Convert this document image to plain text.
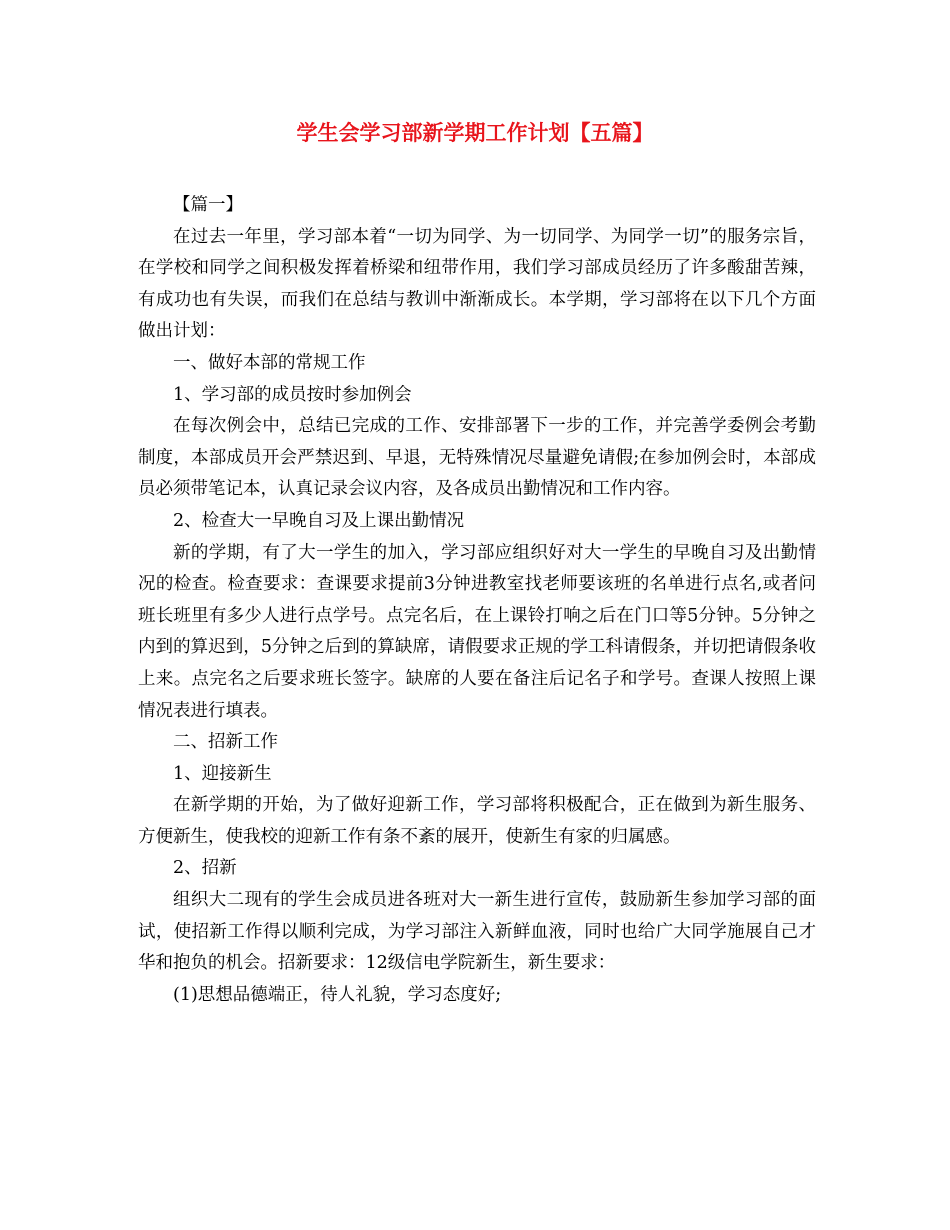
学生会学习部新学期工作计划【五篇】

【篇一】

在过去一年里，学习部本着“一切为同学、为一切同学、为同学一切”的服务宗旨，在学校和同学之间积极发挥着桥梁和纽带作用，我们学习部成员经历了许多酸甜苦辣，有成功也有失误，而我们在总结与教训中渐渐成长。本学期，学习部将在以下几个方面做出计划：

一、做好本部的常规工作

1、学习部的成员按时参加例会

在每次例会中，总结已完成的工作、安排部署下一步的工作，并完善学委例会考勤制度，本部成员开会严禁迟到、早退，无特殊情况尽量避免请假;在参加例会时，本部成员必须带笔记本，认真记录会议内容，及各成员出勤情况和工作内容。

2、检查大一早晚自习及上课出勤情况

新的学期，有了大一学生的加入，学习部应组织好对大一学生的早晚自习及出勤情况的检查。检查要求：查课要求提前3分钟进教室找老师要该班的名单进行点名,或者问班长班里有多少人进行点学号。点完名后，在上课铃打响之后在门口等5分钟。5分钟之内到的算迟到，5分钟之后到的算缺席，请假要求正规的学工科请假条，并切把请假条收上来。点完名之后要求班长签字。缺席的人要在备注后记名子和学号。查课人按照上课情况表进行填表。

二、招新工作

1、迎接新生

在新学期的开始，为了做好迎新工作，学习部将积极配合，正在做到为新生服务、方便新生，使我校的迎新工作有条不紊的展开，使新生有家的归属感。

2、招新

组织大二现有的学生会成员进各班对大一新生进行宣传，鼓励新生参加学习部的面试，使招新工作得以顺利完成，为学习部注入新鲜血液，同时也给广大同学施展自己才华和抱负的机会。招新要求：12级信电学院新生，新生要求：

(1)思想品德端正，待人礼貌，学习态度好;
